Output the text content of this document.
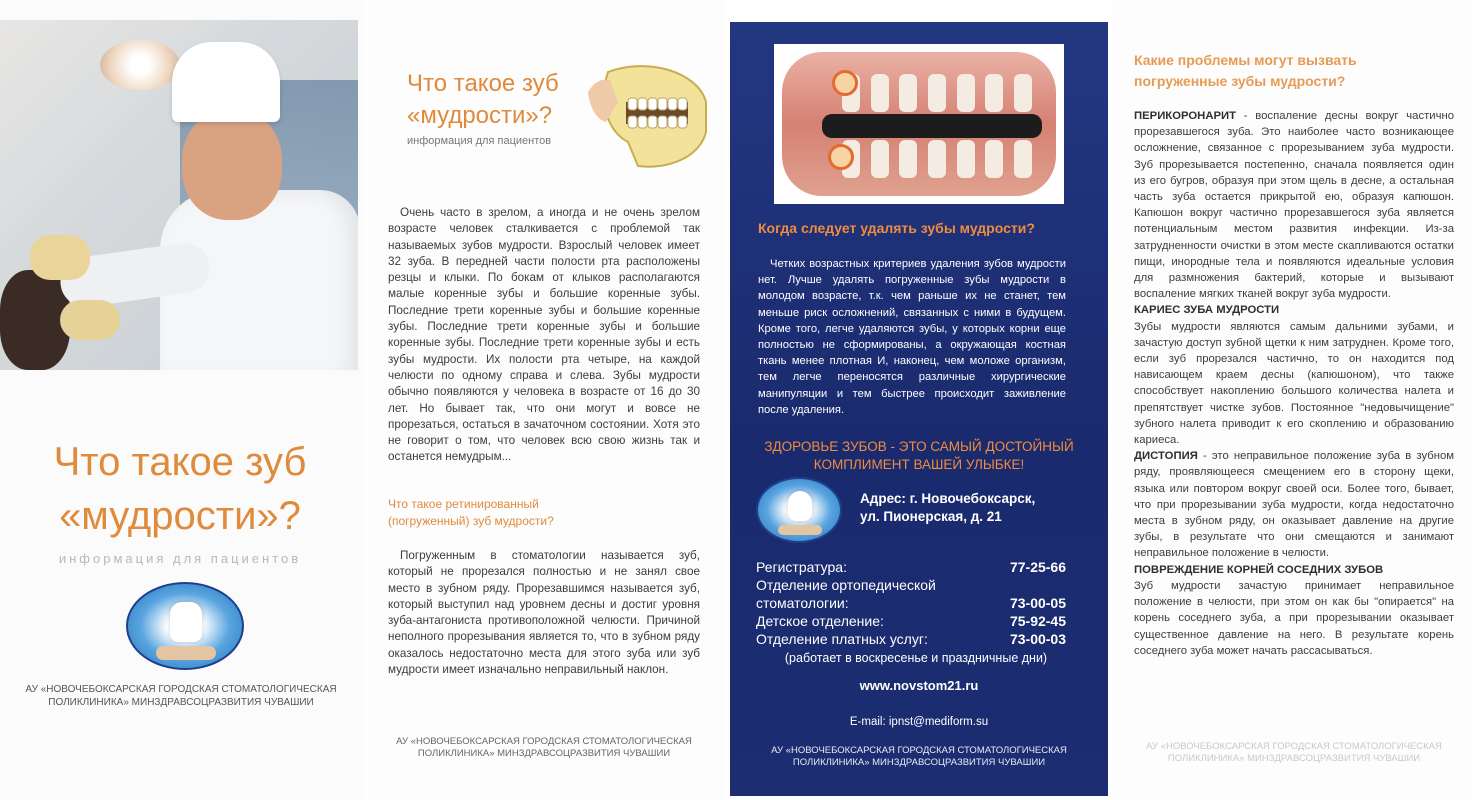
Что такое зуб
«мудрости»?
информация для пациентов
АУ «НОВОЧЕБОКСАРСКАЯ ГОРОДСКАЯ СТОМАТОЛОГИЧЕСКАЯ
ПОЛИКЛИНИКА» МИНЗДРАВСОЦРАЗВИТИЯ ЧУВАШИИ
Что такое зуб
«мудрости»?
информация для пациентов

Очень часто в зрелом, а иногда и не очень зрелом возрасте человек сталкивается с проблемой так называемых зубов мудрости. Взрослый человек имеет 32 зуба. В передней части полости рта расположены резцы и клыки. По бокам от клыков располагаются малые коренные зубы и большие коренные зубы. Последние трети коренные зубы и большие коренные зубы. Последние трети коренные зубы и большие коренные зубы. Последние трети коренные зубы и есть зубы мудрости. Их полости рта четыре, на каждой челюсти по одному справа и слева. Зубы мудрости обычно появляются у человека в возрасте от 16 до 30 лет. Но бывает так, что они могут и вовсе не прорезаться, остаться в зачаточном состоянии. Хотя это не говорит о том, что человек всю свою жизнь так и останется немудрым...

Что такое ретинированный
(погруженный) зуб мудрости?

Погруженным в стоматологии называется зуб, который не прорезался полностью и не занял свое место в зубном ряду. Прорезавшимся называется зуб, который выступил над уровнем десны и достиг уровня зуба-антагониста противоположной челюсти. Причиной неполного прорезывания является то, что в зубном ряду оказалось недостаточно места для этого зуба или зуб мудрости имеет изначально неправильный наклон.

АУ «НОВОЧЕБОКСАРСКАЯ ГОРОДСКАЯ СТОМАТОЛОГИЧЕСКАЯ
ПОЛИКЛИНИКА» МИНЗДРАВСОЦРАЗВИТИЯ ЧУВАШИИ
Когда следует удалять зубы мудрости?

Четких возрастных критериев удаления зубов мудрости нет. Лучше удалять погруженные зубы мудрости в молодом возрасте, т.к. чем раньше их не станет, тем меньше риск осложнений, связанных с ними в будущем. Кроме того, легче удаляются зубы, у которых корни еще полностью не сформированы, а окружающая костная ткань менее плотная И, наконец, чем моложе организм, тем легче переносятся различные хирургические манипуляции и тем быстрее происходит заживление после удаления.

ЗДОРОВЬЕ ЗУБОВ - ЭТО САМЫЙ ДОСТОЙНЫЙ
КОМПЛИМЕНТ ВАШЕЙ УЛЫБКЕ!
Адрес: г. Новочебоксарск,
ул. Пионерская, д. 21
Регистратура:	77-25-66
Отделение ортопедической
стоматологии:	73-00-05
Детское отделение:	75-92-45
Отделение платных услуг:	73-00-03
(работает в воскресенье и праздничные дни)
www.novstom21.ru
E-mail: ipnst@mediform.su
АУ «НОВОЧЕБОКСАРСКАЯ ГОРОДСКАЯ СТОМАТОЛОГИЧЕСКАЯ
ПОЛИКЛИНИКА» МИНЗДРАВСОЦРАЗВИТИЯ ЧУВАШИИ
Какие проблемы могут вызвать
погруженные зубы мудрости?
ПЕРИКОРОНАРИТ - воспаление десны вокруг частично прорезавшегося зуба. Это наиболее часто возникающее осложнение, связанное с прорезыванием зуба мудрости. Зуб прорезывается постепенно, сначала появляется один из его бугров, образуя при этом щель в десне, а остальная часть зуба остается прикрытой ею, образуя капюшон. Капюшон вокруг частично прорезавшегося зуба является потенциальным местом развития инфекции. Из-за затрудненности очистки в этом месте скапливаются остатки пищи, инородные тела и появляются идеальные условия для размножения бактерий, которые и вызывают воспаление мягких тканей вокруг зуба мудрости.
КАРИЕС ЗУБА МУДРОСТИ
Зубы мудрости являются самым дальними зубами, и зачастую доступ зубной щетки к ним затруднен. Кроме того, если зуб прорезался частично, то он находится под нависающем краем десны (капюшоном), что также способствует накоплению большого количества налета и препятствует чистке зубов. Постоянное "недовычищение" зубного налета приводит к его скоплению и образованию кариеса.
ДИСТОПИЯ - это неправильное положение зуба в зубном ряду, проявляющееся смещением его в сторону щеки, языка или повтором вокруг своей оси. Более того, бывает, что при прорезывании зуба мудрости, когда недостаточно места в зубном ряду, он оказывает давление на другие зубы, в результате что они смещаются и занимают неправильное положение в челюсти.
ПОВРЕЖДЕНИЕ КОРНЕЙ СОСЕДНИХ ЗУБОВ
Зуб мудрости зачастую принимает неправильное положение в челюсти, при этом он как бы "опирается" на корень соседнего зуба, а при прорезывании оказывает существенное давление на него. В результате корень соседнего зуба может начать рассасываться.
АУ «НОВОЧЕБОКСАРСКАЯ ГОРОДСКАЯ СТОМАТОЛОГИЧЕСКАЯ
ПОЛИКЛИНИКА» МИНЗДРАВСОЦРАЗВИТИЯ ЧУВАШИИ
